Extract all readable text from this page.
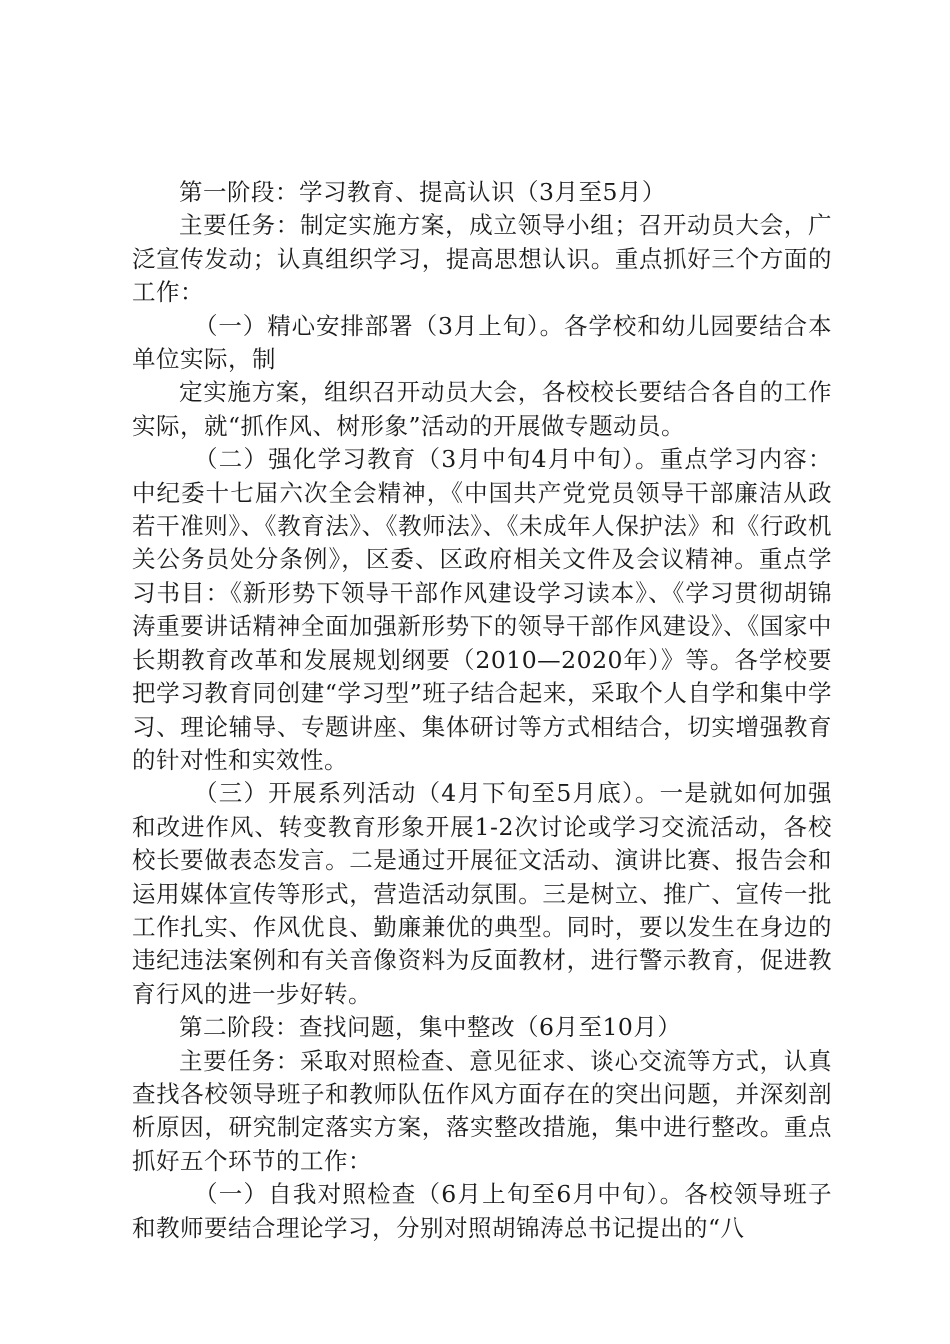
第一阶段：学习教育、提高认识（3月至5月）

主要任务：制定实施方案，成立领导小组；召开动员大会，广泛宣传发动；认真组织学习，提高思想认识。重点抓好三个方面的工作：

（一）精心安排部署（3月上旬）。各学校和幼儿园要结合本单位实际，制

定实施方案，组织召开动员大会，各校校长要结合各自的工作实际，就“抓作风、树形象”活动的开展做专题动员。

（二）强化学习教育（3月中旬4月中旬）。重点学习内容：中纪委十七届六次全会精神，《中国共产党党员领导干部廉洁从政若干准则》、《教育法》、《教师法》、《未成年人保护法》和《行政机关公务员处分条例》，区委、区政府相关文件及会议精神。重点学习书目：《新形势下领导干部作风建设学习读本》、《学习贯彻胡锦涛重要讲话精神全面加强新形势下的领导干部作风建设》、《国家中长期教育改革和发展规划纲要（2010—2020年）》等。各学校要把学习教育同创建“学习型”班子结合起来，采取个人自学和集中学习、理论辅导、专题讲座、集体研讨等方式相结合，切实增强教育的针对性和实效性。

（三）开展系列活动（4月下旬至5月底）。一是就如何加强和改进作风、转变教育形象开展1-2次讨论或学习交流活动，各校校长要做表态发言。二是通过开展征文活动、演讲比赛、报告会和运用媒体宣传等形式，营造活动氛围。三是树立、推广、宣传一批工作扎实、作风优良、勤廉兼优的典型。同时，要以发生在身边的违纪违法案例和有关音像资料为反面教材，进行警示教育，促进教育行风的进一步好转。

第二阶段：查找问题，集中整改（6月至10月）

主要任务：采取对照检查、意见征求、谈心交流等方式，认真查找各校领导班子和教师队伍作风方面存在的突出问题，并深刻剖析原因，研究制定落实方案，落实整改措施，集中进行整改。重点抓好五个环节的工作：

（一）自我对照检查（6月上旬至6月中旬）。各校领导班子和教师要结合理论学习，分别对照胡锦涛总书记提出的“八
